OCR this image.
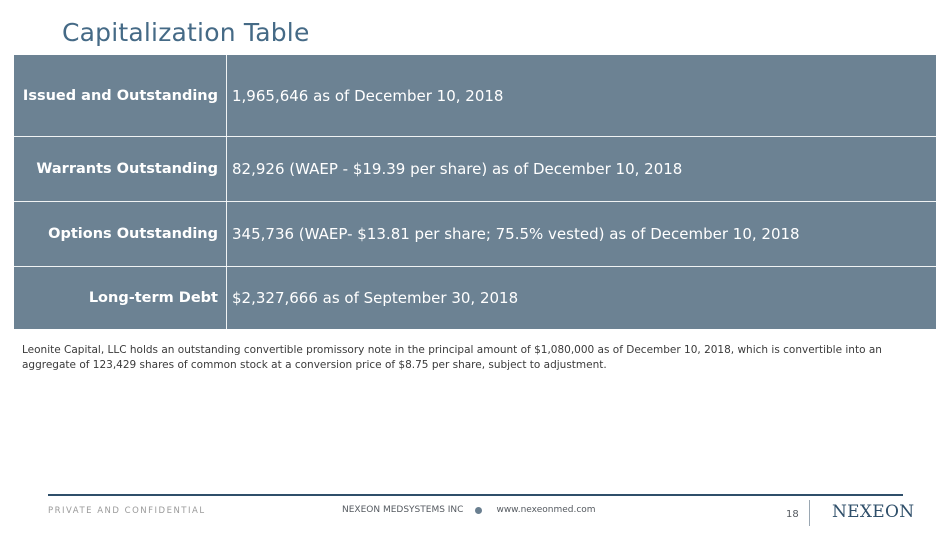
Capitalization Table
Issued and Outstanding 1,965,646 as of December 10, 2018
Warrants Outstanding 82,926 (WAEP - $19.39 per share) as of December 10, 2018
Options Outstanding 345,736 (WAEP- $13.81 per share; 75.5% vested) as of December 10, 2018
Long-term Debt $2,327,666 as of September 30, 2018
Leonite Capital, LLC holds an outstanding convertible promissory note in the principal amount of $1,080,000 as of December 10, 2018, which is convertible into an aggregate of 123,429 shares of common stock at a conversion price of $8.75 per share, subject to adjustment.
PRIVATE AND CONFIDENTIAL	NEXEON MEDSYSTEMS INC	www.nexeonmed.com	18 NEXEON
